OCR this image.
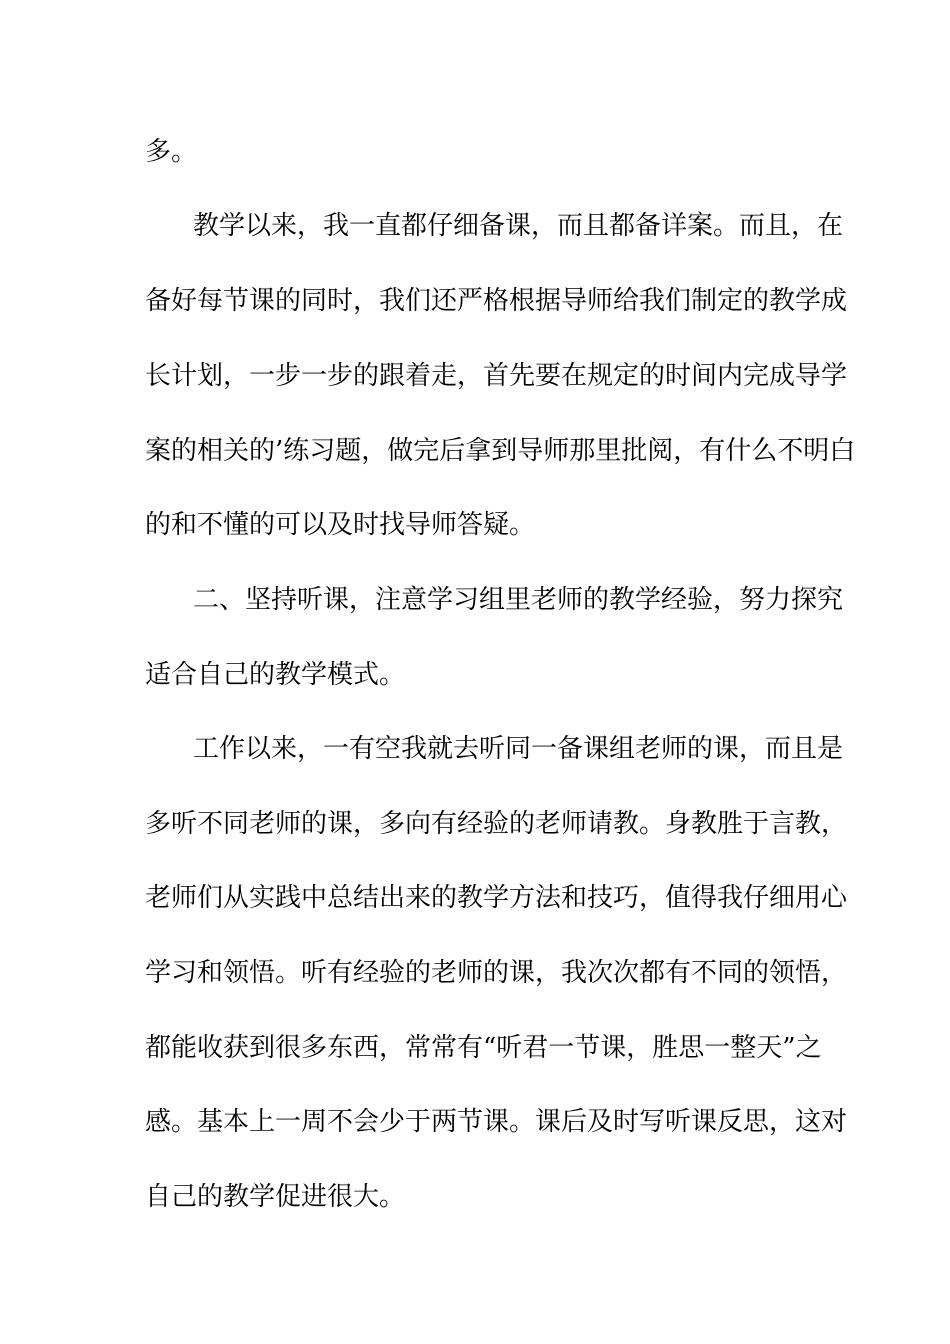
多。
教学以来，我一直都仔细备课，而且都备详案。而且，在
备好每节课的同时，我们还严格根据导师给我们制定的教学成
长计划，一步一步的跟着走，首先要在规定的时间内完成导学
案的相关的’练习题，做完后拿到导师那里批阅，有什么不明白
的和不懂的可以及时找导师答疑。
二、坚持听课，注意学习组里老师的教学经验，努力探究
适合自己的教学模式。
工作以来，一有空我就去听同一备课组老师的课，而且是
多听不同老师的课，多向有经验的老师请教。身教胜于言教，
老师们从实践中总结出来的教学方法和技巧，值得我仔细用心
学习和领悟。听有经验的老师的课，我次次都有不同的领悟，
都能收获到很多东西，常常有“听君一节课，胜思一整天”之
感。基本上一周不会少于两节课。课后及时写听课反思，这对
自己的教学促进很大。
